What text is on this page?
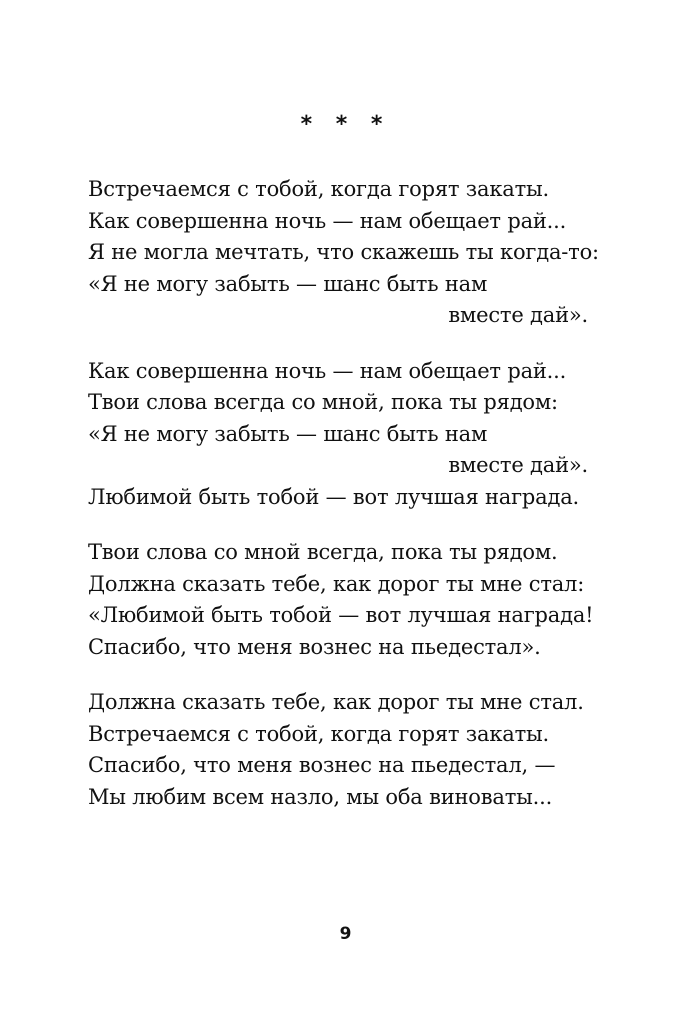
* * *
Встречаемся с тобой, когда горят закаты.
Как совершенна ночь — нам обещает рай...
Я не могла мечтать, что скажешь ты когда-то:
«Я не могу забыть — шанс быть нам
вместе дай».
Как совершенна ночь — нам обещает рай...
Твои слова всегда со мной, пока ты рядом:
«Я не могу забыть — шанс быть нам
вместе дай».
Любимой быть тобой — вот лучшая награда.
Твои слова со мной всегда, пока ты рядом.
Должна сказать тебе, как дорог ты мне стал:
«Любимой быть тобой — вот лучшая награда!
Спасибо, что меня вознес на пьедестал».
Должна сказать тебе, как дорог ты мне стал.
Встречаемся с тобой, когда горят закаты.
Спасибо, что меня вознес на пьедестал, —
Мы любим всем назло, мы оба виноваты...
9
